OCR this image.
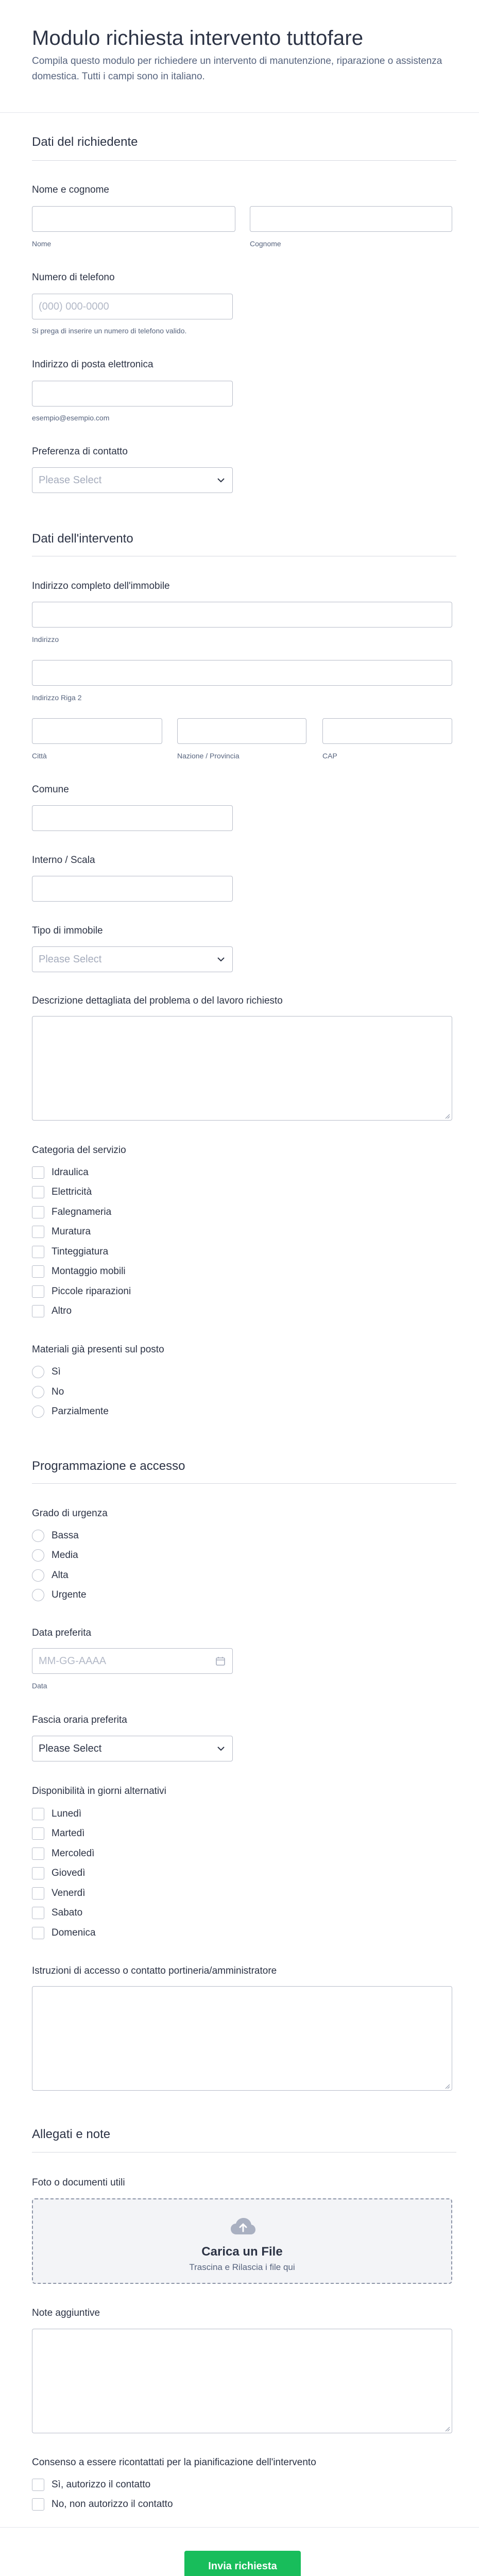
Modulo richiesta intervento tuttofare

Compila questo modulo per richiedere un intervento di manutenzione, riparazione o assistenza domestica. Tutti i campi sono in italiano.

Dati del richiedente
Nome e cognome
Nome	Cognome
Numero di telefono
(000) 000-0000
Si prega di inserire un numero di telefono valido.
Indirizzo di posta elettronica
esempio@esempio.com
Preferenza di contatto
Please Select
Dati dell'intervento
Indirizzo completo dell'immobile
Indirizzo
Indirizzo Riga 2
Città	Nazione / Provincia	CAP
Comune
Interno / Scala
Tipo di immobile
Please Select
Descrizione dettagliata del problema o del lavoro richiesto
Categoria del servizio
Idraulica
Elettricità
Falegnameria
Muratura
Tinteggiatura
Montaggio mobili
Piccole riparazioni
Altro
Materiali già presenti sul posto
Sì
No
Parzialmente
Programmazione e accesso
Grado di urgenza
Bassa
Media
Alta
Urgente
Data preferita
MM-GG-AAAA
Data
Fascia oraria preferita
Please Select
Disponibilità in giorni alternativi
Lunedì
Martedì
Mercoledì
Giovedì
Venerdì
Sabato
Domenica
Istruzioni di accesso o contatto portineria/amministratore
Allegati e note
Foto o documenti utili
Carica un File
Trascina e Rilascia i file qui
Note aggiuntive
Consenso a essere ricontattati per la pianificazione dell'intervento
Sì, autorizzo il contatto
No, non autorizzo il contatto
Invia richiesta
